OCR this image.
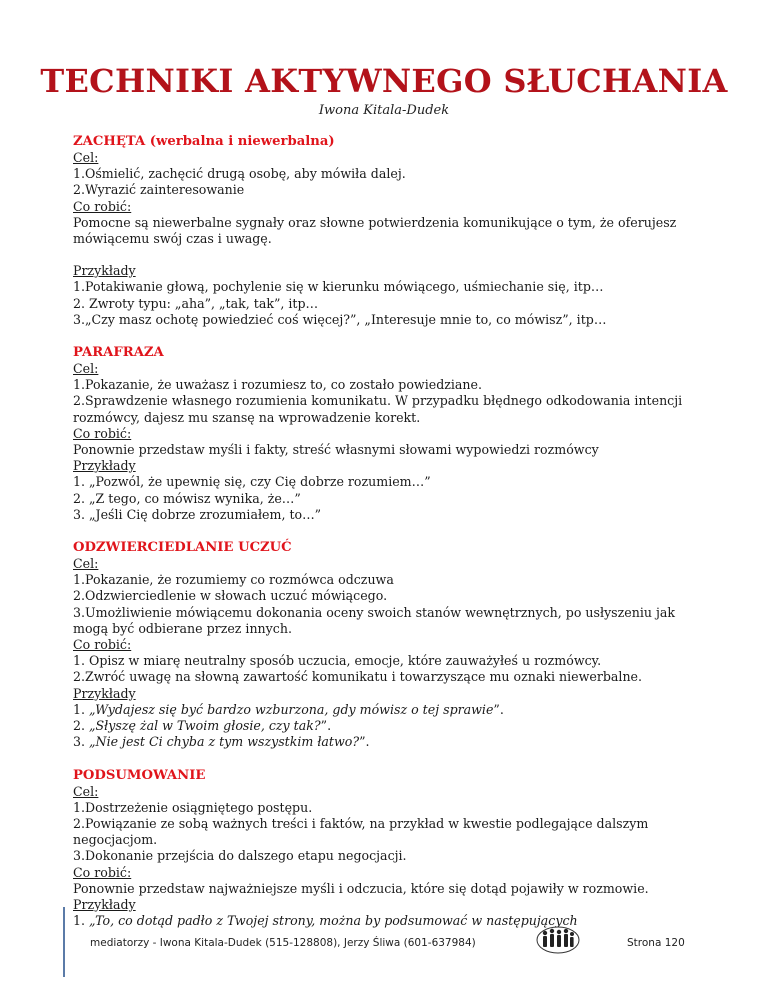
TECHNIKI AKTYWNEGO SŁUCHANIA
Iwona Kitala-Dudek

ZACHĘTA (werbalna i niewerbalna)

Cel:

1.Ośmielić, zachęcić drugą osobę, aby mówiła dalej.

2.Wyrazić zainteresowanie

Co robić:

Pomocne są niewerbalne sygnały oraz słowne potwierdzenia komunikujące o tym, że oferujesz mówiącemu swój czas i uwagę.

Przykłady

1.Potakiwanie głową, pochylenie się w kierunku mówiącego, uśmiechanie się, itp…

2. Zwroty typu: „aha”, „tak, tak”, itp…

3.„Czy masz ochotę powiedzieć coś więcej?”, „Interesuje mnie to, co mówisz”, itp…

PARAFRAZA

Cel:

1.Pokazanie, że uważasz i rozumiesz to, co zostało powiedziane.

2.Sprawdzenie własnego rozumienia komunikatu. W przypadku błędnego odkodowania intencji rozmówcy, dajesz mu szansę na wprowadzenie korekt.

Co robić:

Ponownie przedstaw myśli i fakty, streść własnymi słowami wypowiedzi rozmówcy

Przykłady

1. „Pozwól, że upewnię się, czy Cię dobrze rozumiem…”

2. „Z tego, co mówisz wynika, że…”

3. „Jeśli Cię dobrze zrozumiałem, to…”

ODZWIERCIEDLANIE UCZUĆ

Cel:

1.Pokazanie, że rozumiemy co rozmówca odczuwa

2.Odzwierciedlenie w słowach uczuć mówiącego.

3.Umożliwienie mówiącemu dokonania oceny swoich stanów wewnętrznych, po usłyszeniu jak mogą być odbierane przez innych.

Co robić:

1. Opisz w miarę neutralny sposób uczucia, emocje, które zauważyłeś u rozmówcy.

2.Zwróć uwagę na słowną zawartość komunikatu i towarzyszące mu oznaki niewerbalne.

Przykłady

1. „Wydajesz się być bardzo wzburzona, gdy mówisz o tej sprawie”.

2. „Słyszę żal w Twoim głosie, czy tak?”.

3. „Nie jest Ci chyba z tym wszystkim łatwo?”.

PODSUMOWANIE

Cel:

1.Dostrzeżenie osiągniętego postępu.

2.Powiązanie ze sobą ważnych treści i faktów, na przykład w kwestie podlegające dalszym negocjacjom.

3.Dokonanie przejścia do dalszego etapu negocjacji.

Co robić:

Ponownie przedstaw najważniejsze myśli i odczucia, które się dotąd pojawiły w rozmowie.

Przykłady

1. „To, co dotąd padło z Twojej strony, można by podsumować w następujących

mediatorzy - Iwona Kitala-Dudek (515-128808), Jerzy Śliwa (601-637984)	Strona 120
